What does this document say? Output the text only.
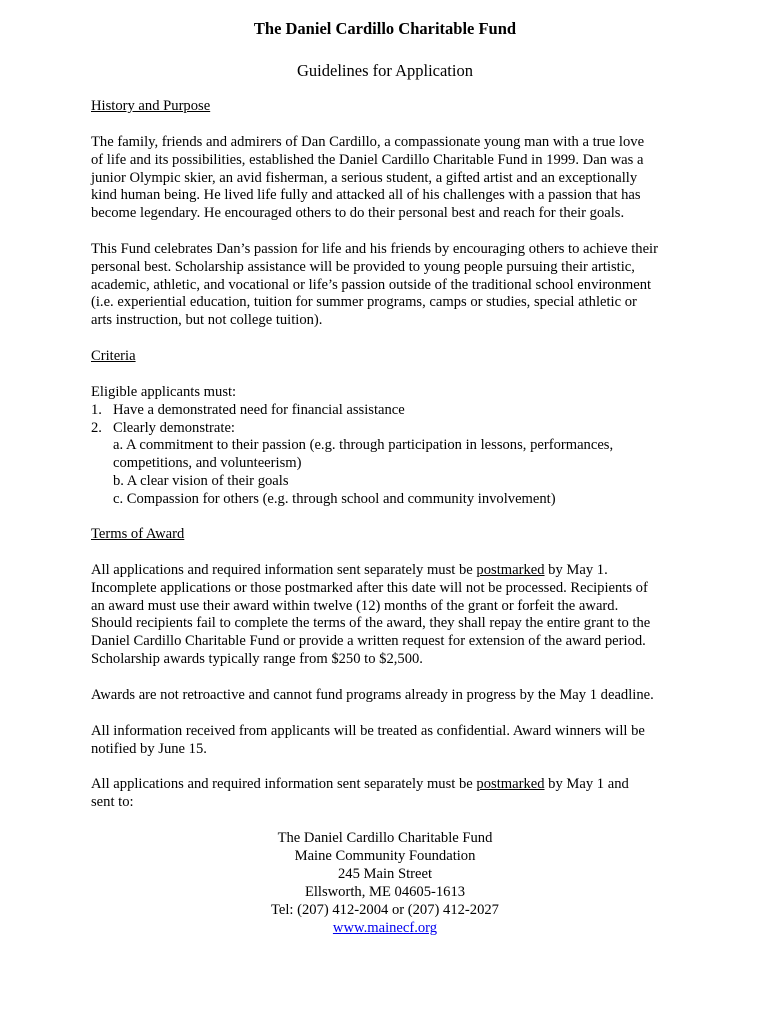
The Daniel Cardillo Charitable Fund
Guidelines for Application

History and Purpose

The family, friends and admirers of Dan Cardillo, a compassionate young man with a true love

of life and its possibilities, established the Daniel Cardillo Charitable Fund in 1999. Dan was a

junior Olympic skier, an avid fisherman, a serious student, a gifted artist and an exceptionally

kind human being. He lived life fully and attacked all of his challenges with a passion that has

become legendary. He encouraged others to do their personal best and reach for their goals.

This Fund celebrates Dan’s passion for life and his friends by encouraging others to achieve their

personal best. Scholarship assistance will be provided to young people pursuing their artistic,

academic, athletic, and vocational or life’s passion outside of the traditional school environment

(i.e. experiential education, tuition for summer programs, camps or studies, special athletic or

arts instruction, but not college tuition).

Criteria

Eligible applicants must:

1. Have a demonstrated need for financial assistance
2. Clearly demonstrate:

a. A commitment to their passion (e.g. through participation in lessons, performances,

competitions, and volunteerism)

b. A clear vision of their goals

c. Compassion for others (e.g. through school and community involvement)

Terms of Award

All applications and required information sent separately must be postmarked by May 1.

Incomplete applications or those postmarked after this date will not be processed. Recipients of

an award must use their award within twelve (12) months of the grant or forfeit the award.

Should recipients fail to complete the terms of the award, they shall repay the entire grant to the

Daniel Cardillo Charitable Fund or provide a written request for extension of the award period.

Scholarship awards typically range from $250 to $2,500.

Awards are not retroactive and cannot fund programs already in progress by the May 1 deadline.

All information received from applicants will be treated as confidential. Award winners will be

notified by June 15.

All applications and required information sent separately must be postmarked by May 1 and

sent to:

The Daniel Cardillo Charitable Fund
Maine Community Foundation
245 Main Street
Ellsworth, ME 04605-1613
Tel: (207) 412-2004 or (207) 412-2027
www.mainecf.org
